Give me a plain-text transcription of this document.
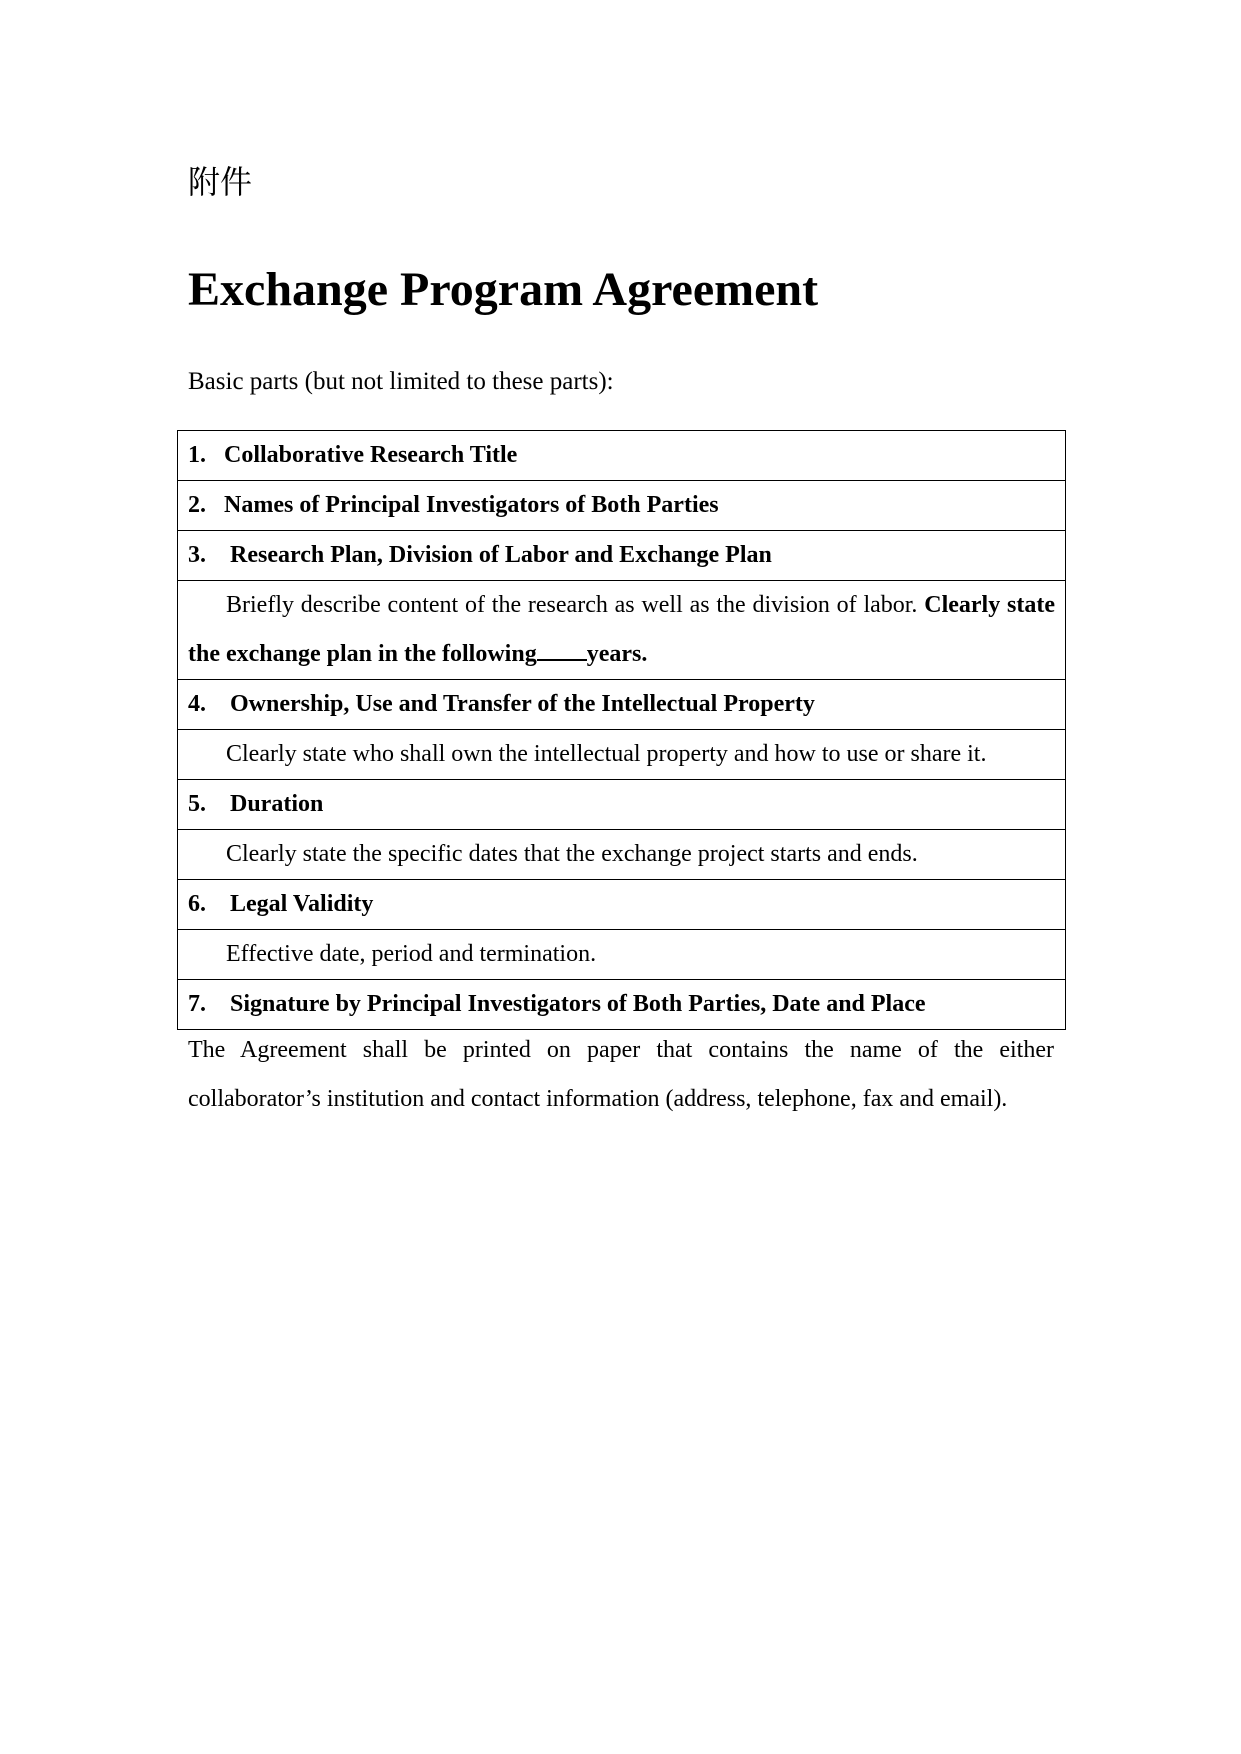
附件
Exchange Program Agreement
Basic parts (but not limited to these parts):
1. Collaborative Research Title
2. Names of Principal Investigators of Both Parties
3. Research Plan, Division of Labor and Exchange Plan
Briefly describe content of the research as well as the division of labor. Clearly state the exchange plan in the following years.
4. Ownership, Use and Transfer of the Intellectual Property
Clearly state who shall own the intellectual property and how to use or share it.
5. Duration
Clearly state the specific dates that the exchange project starts and ends.
6. Legal Validity
Effective date, period and termination.
7. Signature by Principal Investigators of Both Parties, Date and Place
The Agreement shall be printed on paper that contains the name of the either collaborator’s institution and contact information (address, telephone, fax and email).
